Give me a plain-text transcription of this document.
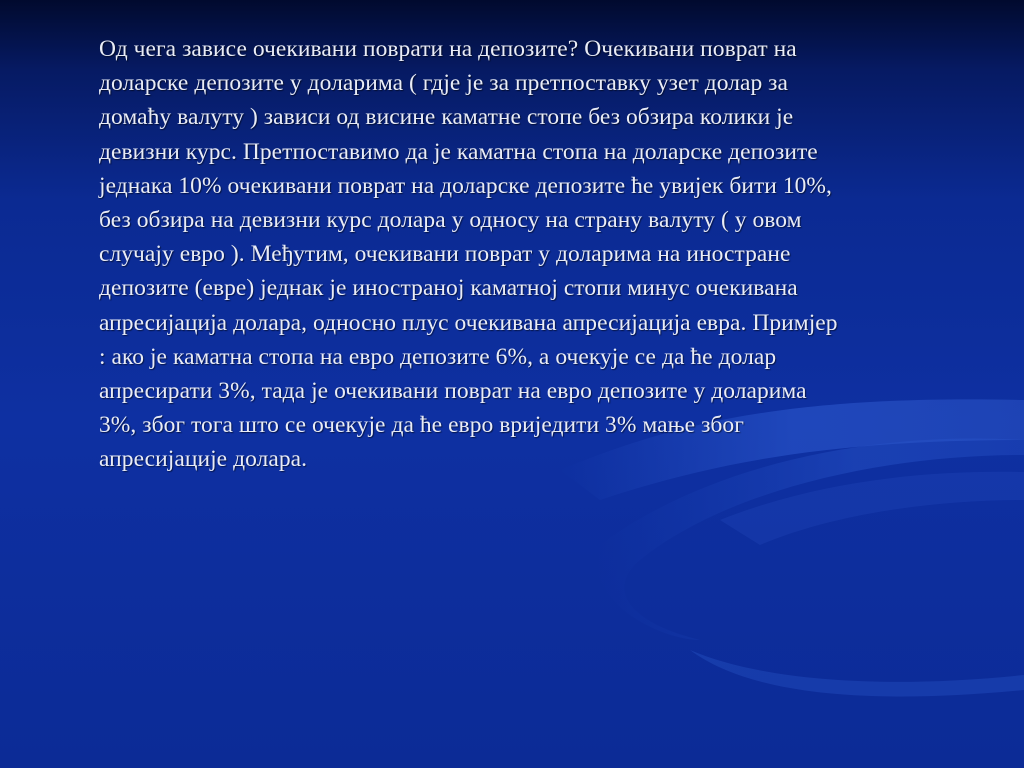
Од чега зависе очекивани поврати на депозите? Очекивани поврат на
доларске депозите у доларима ( гдје је за претпоставку узет долар за
домаћу валуту ) зависи од висине каматне стопе без обзира колики је
девизни курс. Претпоставимо да је каматна стопа на доларске депозите
једнака 10% очекивани поврат на доларске депозите ће увијек бити 10%,
без обзира на девизни курс долара у односу на страну валуту ( у овом
случају евро ). Међутим, очекивани поврат у доларима на иностране
депозите (евре) једнак је иностраној каматној стопи минус очекивана
апресијација долара, односно плус очекивана апресијација евра. Примјер
: ако је каматна стопа на евро депозите 6%, а очекује се да ће долар
апресирати 3%, тада је очекивани поврат на евро депозите у доларима
3%, због тога што се очекује да ће евро вриједити 3% мање због
апресијације долара.
